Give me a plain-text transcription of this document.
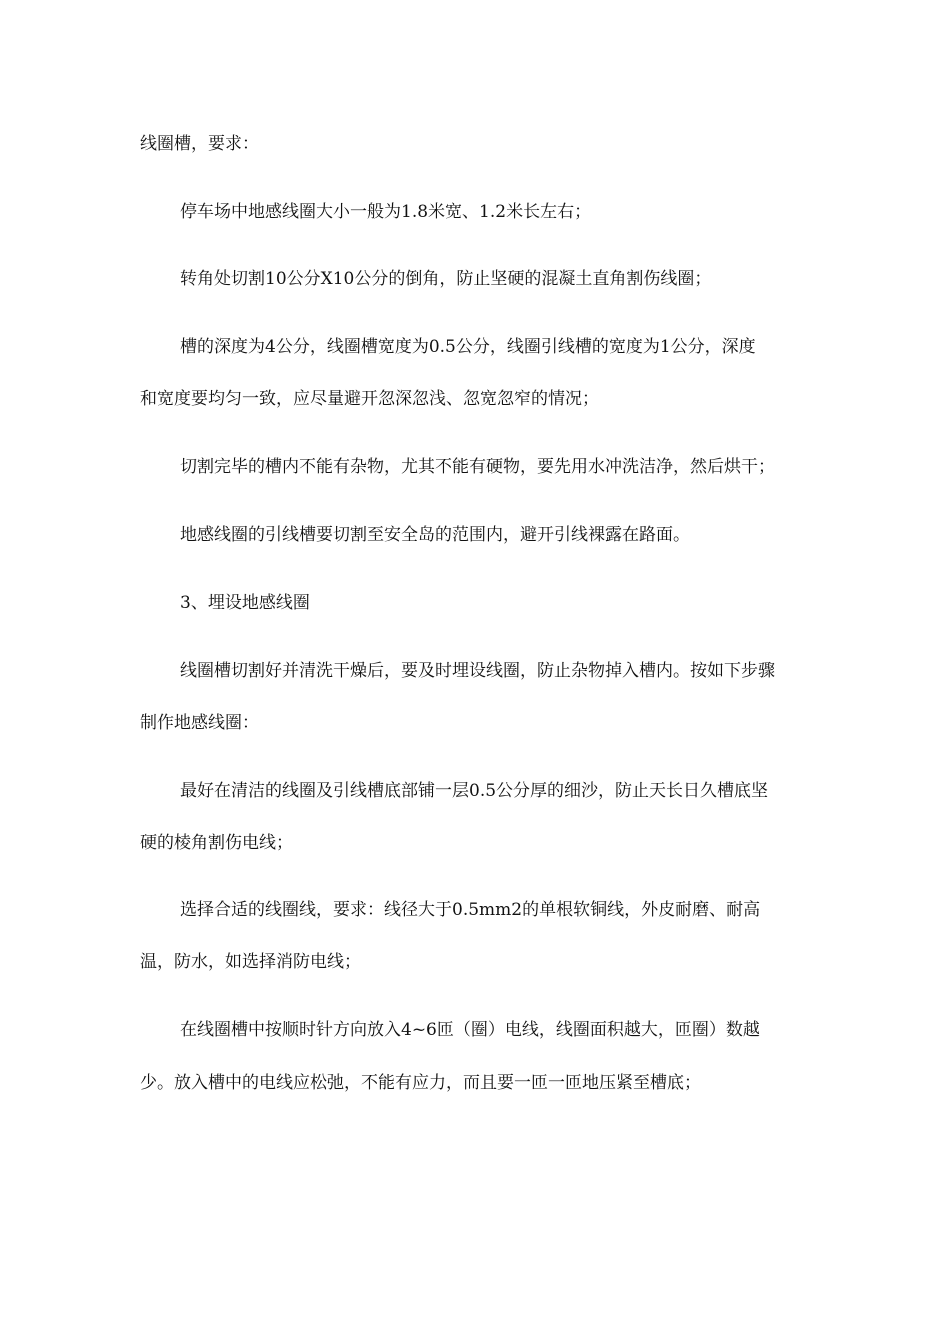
线圈槽，要求：
停车场中地感线圈大小一般为1.8米宽、1.2米长左右；
转角处切割10公分X10公分的倒角，防止坚硬的混凝土直角割伤线圈；
槽的深度为4公分，线圈槽宽度为0.5公分，线圈引线槽的宽度为1公分，深度
和宽度要均匀一致，应尽量避开忽深忽浅、忽宽忽窄的情况；
切割完毕的槽内不能有杂物，尤其不能有硬物，要先用水冲洗洁净，然后烘干；
地感线圈的引线槽要切割至安全岛的范围内，避开引线裸露在路面。
3、埋设地感线圈
线圈槽切割好并清洗干燥后，要及时埋设线圈，防止杂物掉入槽内。按如下步骤
制作地感线圈：
最好在清洁的线圈及引线槽底部铺一层0.5公分厚的细沙，防止天长日久槽底坚
硬的棱角割伤电线；
选择合适的线圈线，要求：线径大于0.5mm2的单根软铜线，外皮耐磨、耐高
温，防水，如选择消防电线；
在线圈槽中按顺时针方向放入4~6匝（圈）电线，线圈面积越大，匝圈）数越
少。放入槽中的电线应松弛，不能有应力，而且要一匝一匝地压紧至槽底；
